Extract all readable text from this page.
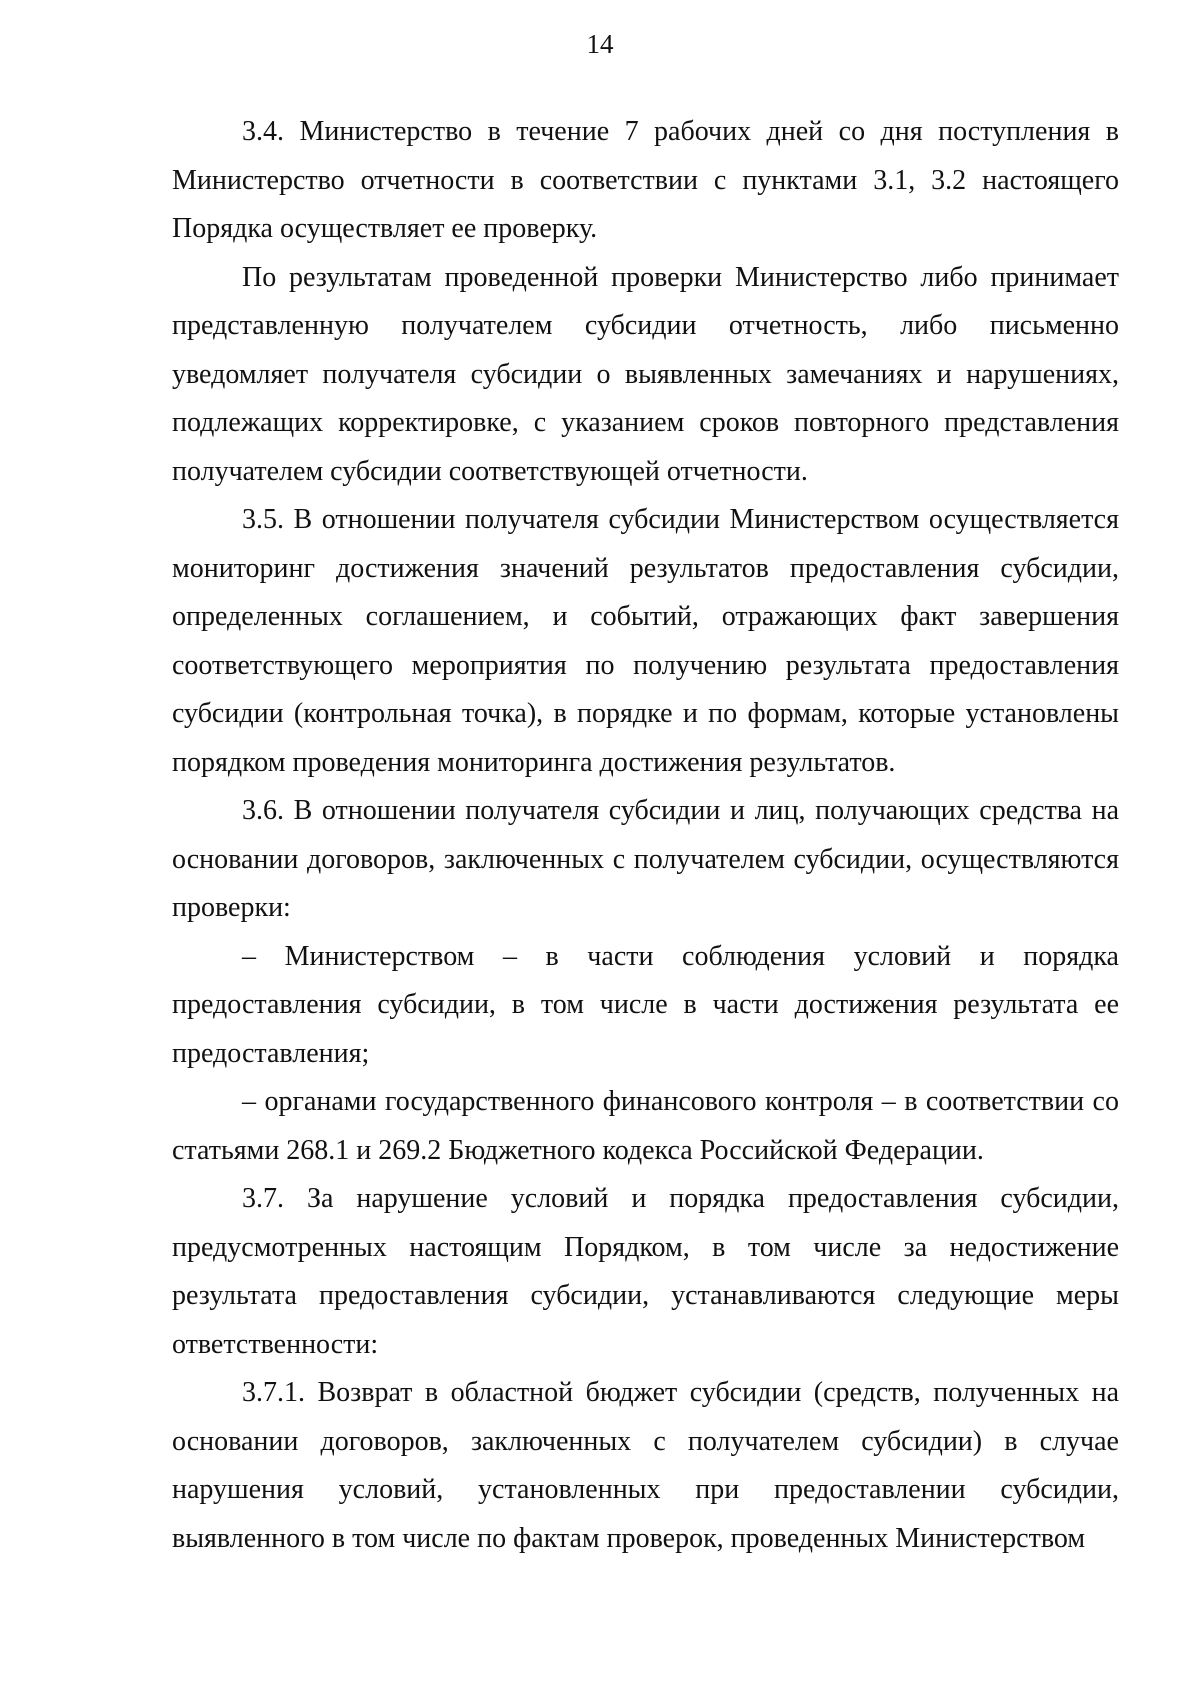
14

3.4. Министерство в течение 7 рабочих дней со дня поступления в Министерство отчетности в соответствии с пунктами 3.1, 3.2 настоящего Порядка осуществляет ее проверку.

По результатам проведенной проверки Министерство либо принимает представленную получателем субсидии отчетность, либо письменно уведомляет получателя субсидии о выявленных замечаниях и нарушениях, подлежащих корректировке, с указанием сроков повторного представления получателем субсидии соответствующей отчетности.

3.5. В отношении получателя субсидии Министерством осуществляется мониторинг достижения значений результатов предоставления субсидии, определенных соглашением, и событий, отражающих факт завершения соответствующего мероприятия по получению результата предоставления субсидии (контрольная точка), в порядке и по формам, которые установлены порядком проведения мониторинга достижения результатов.

3.6. В отношении получателя субсидии и лиц, получающих средства на основании договоров, заключенных с получателем субсидии, осуществляются проверки:

– Министерством – в части соблюдения условий и порядка предоставления субсидии, в том числе в части достижения результата ее предоставления;

– органами государственного финансового контроля – в соответствии со статьями 268.1 и 269.2 Бюджетного кодекса Российской Федерации.

3.7. За нарушение условий и порядка предоставления субсидии, предусмотренных настоящим Порядком, в том числе за недостижение результата предоставления субсидии, устанавливаются следующие меры ответственности:

3.7.1. Возврат в областной бюджет субсидии (средств, полученных на основании договоров, заключенных с получателем субсидии) в случае нарушения условий, установленных при предоставлении субсидии, выявленного в том числе по фактам проверок, проведенных Министерством
